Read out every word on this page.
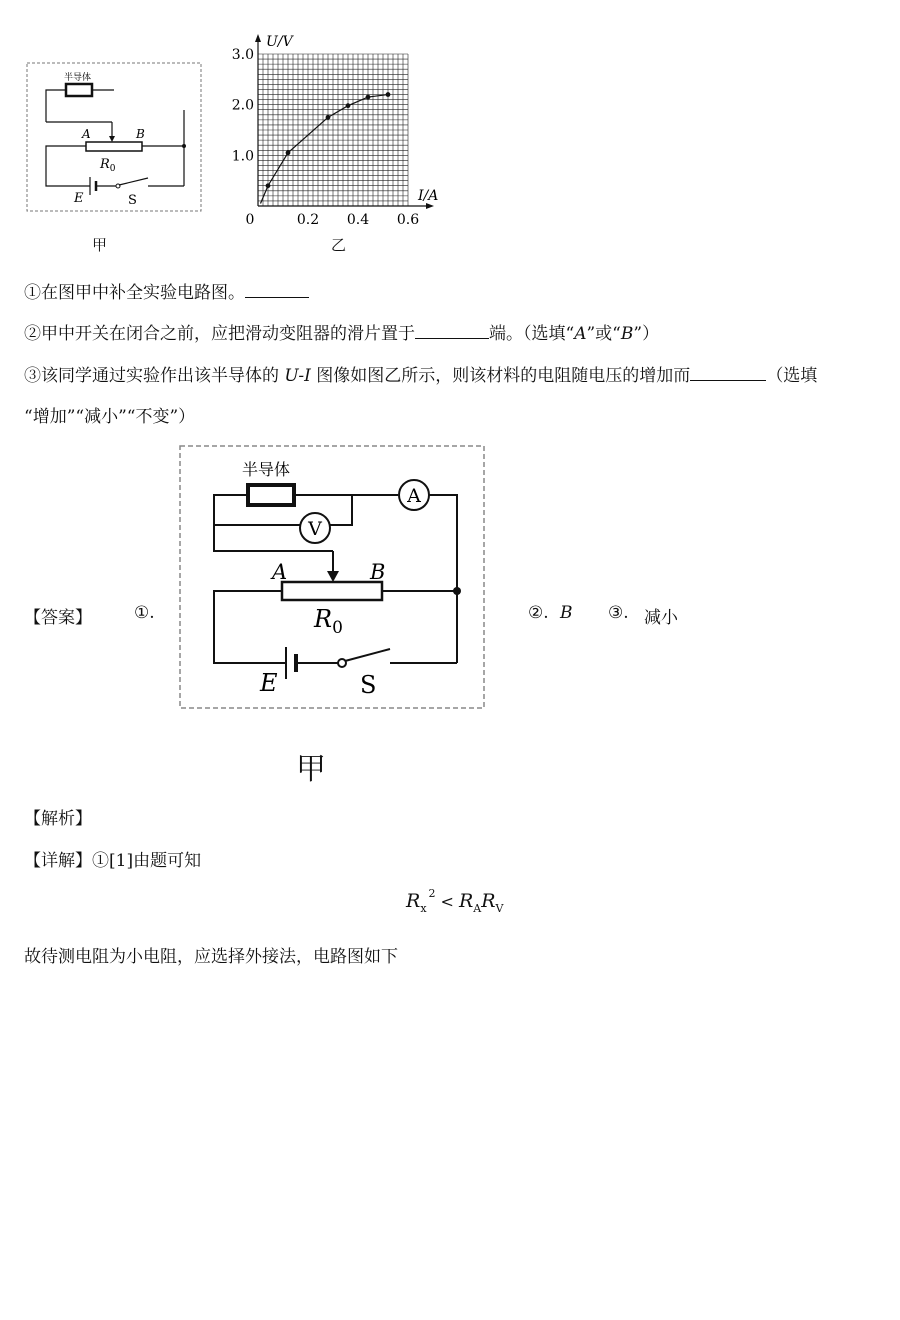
半导体
A	B
$R_0$
E	S
甲
0.2 0.4 0.6
1.0
2.0
3.0
0
I/A
U/V
乙
①在图甲中补全实验电路图。
②甲中开关在闭合之前，应把滑动变阻器的滑片置于	端。（选填“A”或“B”）
③该同学通过实验作出该半导体的 U-I 图像如图乙所示，则该材料的电阻随电压的增加而	（选填
“增加”“减小”“不变”）
【答案】 ①.
半导体
A
V
A	B
$R_0$
E	S
②. B ③. 减小
甲
【解析】
【详解】①[1]由题可知
$R_x^2 < R_AR_V$
故待测电阻为小电阻，应选择外接法，电路图如下
